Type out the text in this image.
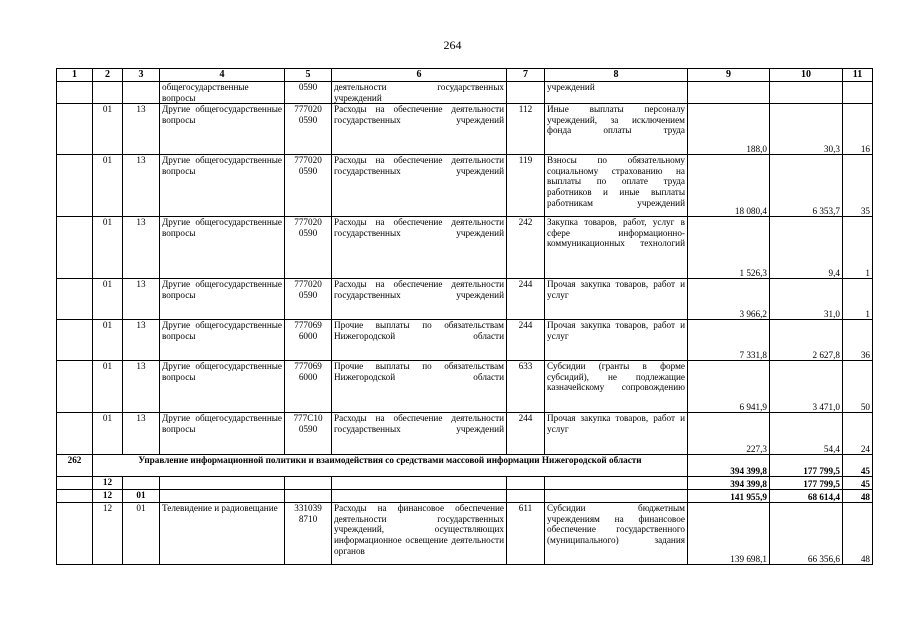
264
1	2	3	4	5	6	7	8	9	10	11
			общегосударственные вопросы	0590	деятельности государственных учреждений		учреждений			
	01	13	Другие общегосударственные вопросы	777020 0590	Расходы на обеспечение деятельности государственных учреждений	112	Иные выплаты персоналу учреждений, за исключением фонда оплаты труда	188,0	30,3	16
	01	13	Другие общегосударственные вопросы	777020 0590	Расходы на обеспечение деятельности государственных учреждений	119	Взносы по обязательному социальному страхованию на выплаты по оплате труда работников и иные выплаты работникам учреждений	18 080,4	6 353,7	35
	01	13	Другие общегосударственные вопросы	777020 0590	Расходы на обеспечение деятельности государственных учреждений	242	Закупка товаров, работ, услуг в сфере информационно-коммуникационных технологий	1 526,3	9,4	1
	01	13	Другие общегосударственные вопросы	777020 0590	Расходы на обеспечение деятельности государственных учреждений	244	Прочая закупка товаров, работ и услуг	3 966,2	31,0	1
	01	13	Другие общегосударственные вопросы	777069 6000	Прочие выплаты по обязательствам Нижегородской области	244	Прочая закупка товаров, работ и услуг	7 331,8	2 627,8	36
	01	13	Другие общегосударственные вопросы	777069 6000	Прочие выплаты по обязательствам Нижегородской области	633	Субсидии (гранты в форме субсидий), не подлежащие казначейскому сопровождению	6 941,9	3 471,0	50
	01	13	Другие общегосударственные вопросы	777С10 0590	Расходы на обеспечение деятельности государственных учреждений	244	Прочая закупка товаров, работ и услуг	227,3	54,4	24
262	Управление информационной политики и взаимодействия со средствами массовой информации Нижегородской области							394 399,8	177 799,5	45
	12							394 399,8	177 799,5	45
	12	01						141 955,9	68 614,4	48
	12	01	Телевидение и радиовещание	331039 8710	Расходы на финансовое обеспечение деятельности государственных учреждений, осуществляющих информационное освещение деятельности органов	611	Субсидии бюджетным учреждениям на финансовое обеспечение государственного (муниципального) задания	139 698,1	66 356,6	48
